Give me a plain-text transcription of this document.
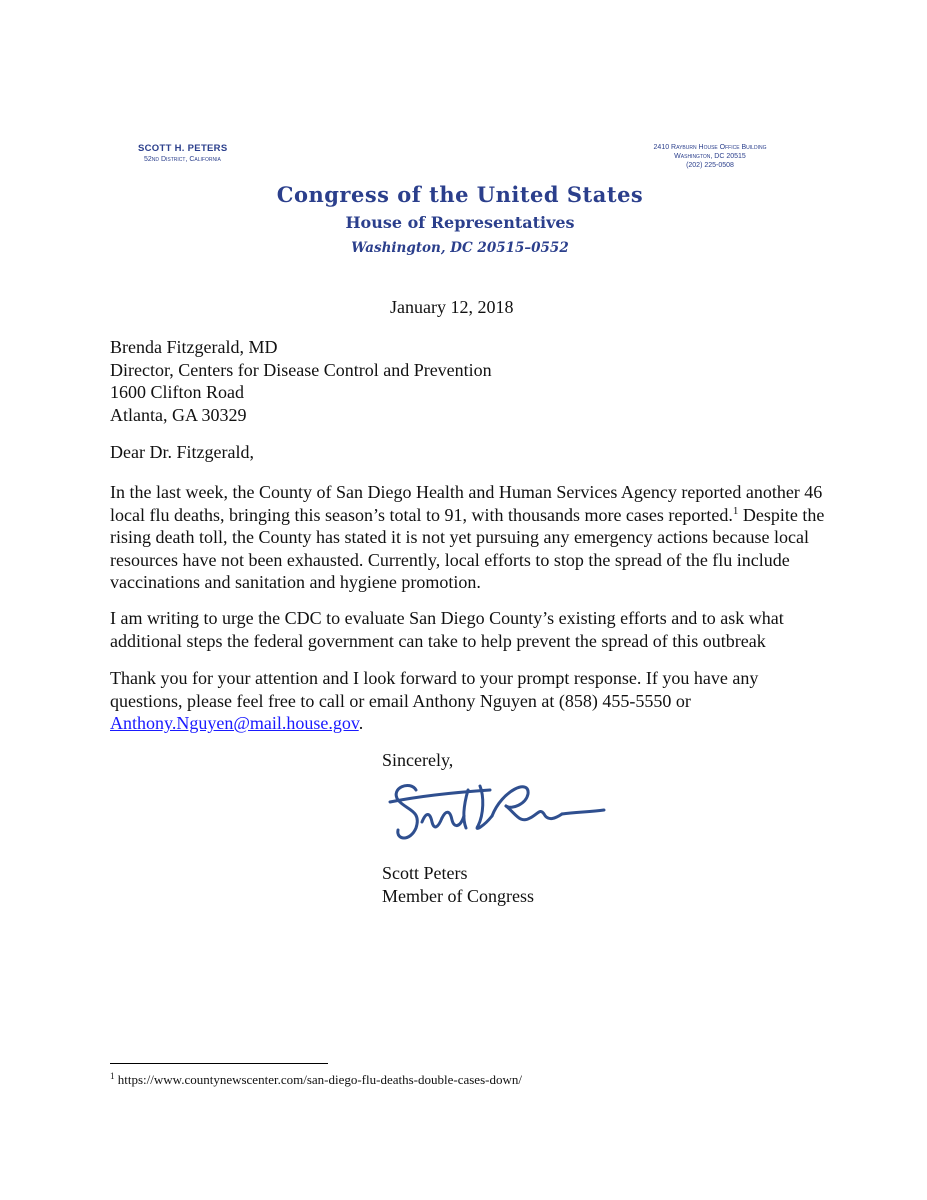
SCOTT H. PETERS
52nd District, California
2410 Rayburn House Office Building
Washington, DC 20515
(202) 225-0508
Congress of the United States
House of Representatives
Washington, DC 20515–0552
January 12, 2018
Brenda Fitzgerald, MD
Director, Centers for Disease Control and Prevention
1600 Clifton Road
Atlanta, GA 30329
Dear Dr. Fitzgerald,
In the last week, the County of San Diego Health and Human Services Agency reported another 46 local flu deaths, bringing this season’s total to 91, with thousands more cases reported.$^1$ Despite the rising death toll, the County has stated it is not yet pursuing any emergency actions because local resources have not been exhausted. Currently, local efforts to stop the spread of the flu include vaccinations and sanitation and hygiene promotion.
I am writing to urge the CDC to evaluate San Diego County’s existing efforts and to ask what additional steps the federal government can take to help prevent the spread of this outbreak
Thank you for your attention and I look forward to your prompt response. If you have any questions, please feel free to call or email Anthony Nguyen at (858) 455-5550 or Anthony.Nguyen@mail.house.gov.
Sincerely,
Scott Peters
Member of Congress
$^1$ https://www.countynewscenter.com/san-diego-flu-deaths-double-cases-down/
